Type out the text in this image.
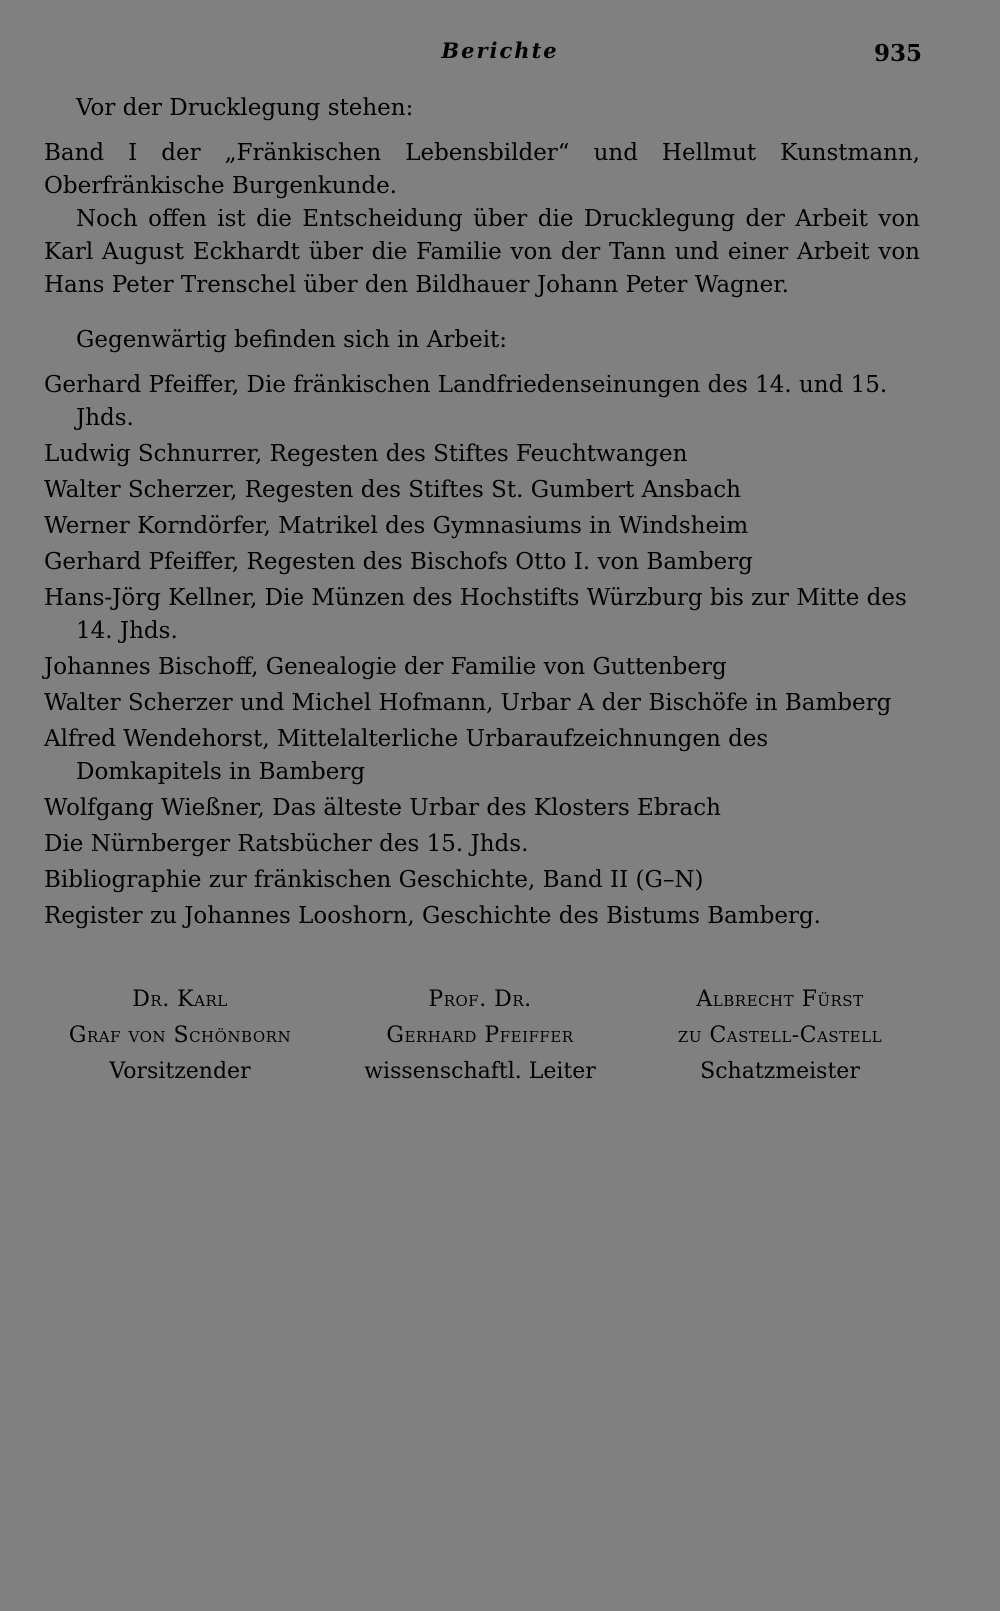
Berichte	935

Vor der Drucklegung stehen:

Band I der „Fränkischen Lebensbilder“ und Hellmut Kunstmann, Oberfränkische Burgenkunde.

Noch offen ist die Entscheidung über die Drucklegung der Arbeit von Karl August Eckhardt über die Familie von der Tann und einer Arbeit von Hans Peter Trenschel über den Bildhauer Johann Peter Wagner.

Gegenwärtig befinden sich in Arbeit:

Gerhard Pfeiffer, Die fränkischen Landfriedenseinungen des 14. und 15. Jhds.
Ludwig Schnurrer, Regesten des Stiftes Feuchtwangen
Walter Scherzer, Regesten des Stiftes St. Gumbert Ansbach
Werner Korndörfer, Matrikel des Gymnasiums in Windsheim
Gerhard Pfeiffer, Regesten des Bischofs Otto I. von Bamberg
Hans-Jörg Kellner, Die Münzen des Hochstifts Würzburg bis zur Mitte des 14. Jhds.
Johannes Bischoff, Genealogie der Familie von Guttenberg
Walter Scherzer und Michel Hofmann, Urbar A der Bischöfe in Bamberg
Alfred Wendehorst, Mittelalterliche Urbaraufzeichnungen des Domkapitels in Bamberg
Wolfgang Wießner, Das älteste Urbar des Klosters Ebrach
Die Nürnberger Ratsbücher des 15. Jhds.
Bibliographie zur fränkischen Geschichte, Band II (G–N)
Register zu Johannes Looshorn, Geschichte des Bistums Bamberg.
Dr. Karl
Graf von Schönborn
Vorsitzender
Prof. Dr.
Gerhard Pfeiffer
wissenschaftl. Leiter
Albrecht Fürst
zu Castell-Castell
Schatzmeister
